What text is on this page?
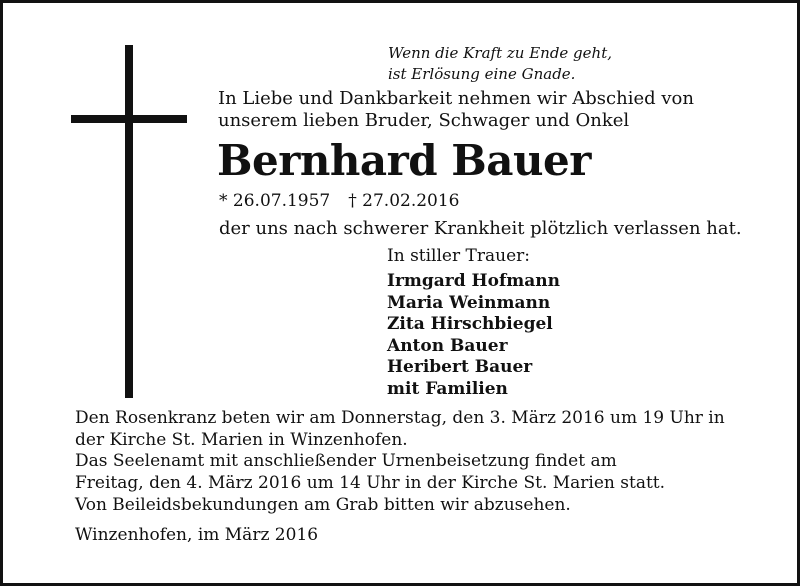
Wenn die Kraft zu Ende geht,
ist Erlösung eine Gnade.
In Liebe und Dankbarkeit nehmen wir Abschied von
unserem lieben Bruder, Schwager und Onkel
Bernhard Bauer
* 26.07.1957 † 27.02.2016
der uns nach schwerer Krankheit plötzlich verlassen hat.
In stiller Trauer:
Irmgard Hofmann
Maria Weinmann
Zita Hirschbiegel
Anton Bauer
Heribert Bauer
mit Familien
Den Rosenkranz beten wir am Donnerstag, den 3. März 2016 um 19 Uhr in
der Kirche St. Marien in Winzenhofen.
Das Seelenamt mit anschließender Urnenbeisetzung findet am
Freitag, den 4. März 2016 um 14 Uhr in der Kirche St. Marien statt.
Von Beileidsbekundungen am Grab bitten wir abzusehen.
Winzenhofen, im März 2016
